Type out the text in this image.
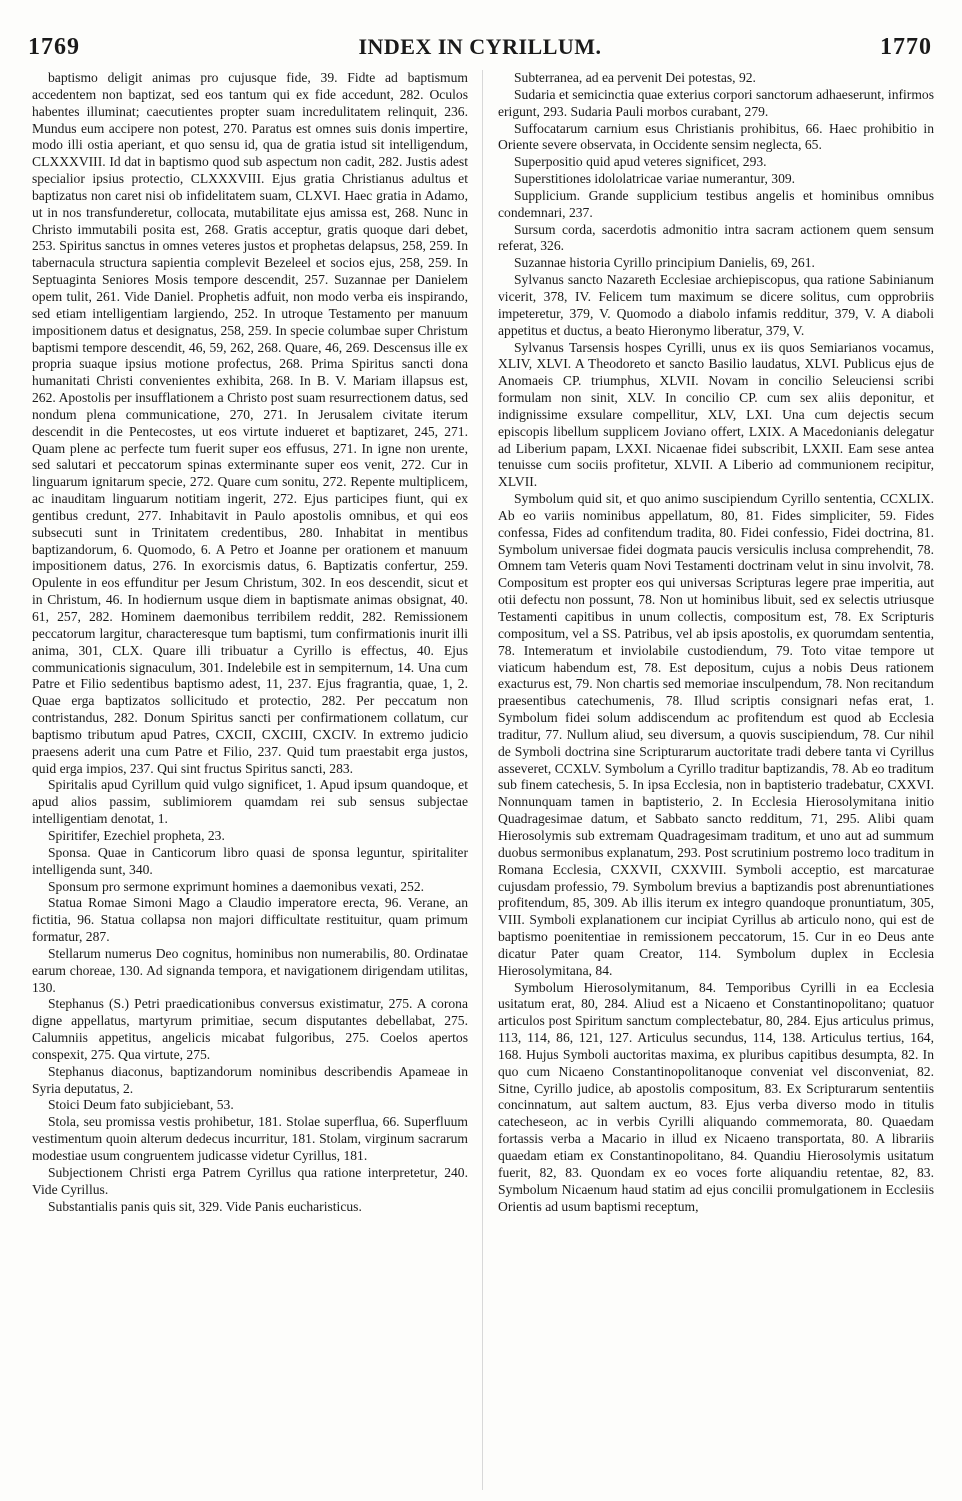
1769	INDEX IN CYRILLUM.	1770

baptismo deligit animas pro cujusque fide, 39. Fidte ad baptismum accedentem non baptizat, sed eos tantum qui ex fide accedunt, 282. Oculos habentes illuminat; caecutientes propter suam incredulitatem relinquit, 236. Mundus eum accipere non potest, 270. Paratus est omnes suis donis impertire, modo illi ostia aperiant, et quo sensu id, qua de gratia istud sit intelligendum, CLXXXVIII. Id dat in baptismo quod sub aspectum non cadit, 282. Justis adest specialior ipsius protectio, CLXXXVIII. Ejus gratia Christianus adultus et baptizatus non caret nisi ob infidelitatem suam, CLXVI. Haec gratia in Adamo, ut in nos transfunderetur, collocata, mutabilitate ejus amissa est, 268. Nunc in Christo immutabili posita est, 268. Gratis acceptur, gratis quoque dari debet, 253. Spiritus sanctus in omnes veteres justos et prophetas delapsus, 258, 259. In tabernacula structura sapientia complevit Bezeleel et socios ejus, 258, 259. In Septuaginta Seniores Mosis tempore descendit, 257. Suzannae per Danielem opem tulit, 261. Vide Daniel. Prophetis adfuit, non modo verba eis inspirando, sed etiam intelligentiam largiendo, 252. In utroque Testamento per manuum impositionem datus et designatus, 258, 259. In specie columbae super Christum baptismi tempore descendit, 46, 59, 262, 268. Quare, 46, 269. Descensus ille ex propria suaque ipsius motione profectus, 268. Prima Spiritus sancti dona humanitati Christi convenientes exhibita, 268. In B. V. Mariam illapsus est, 262. Apostolis per insufflationem a Christo post suam resurrectionem datus, sed nondum plena communicatione, 270, 271. In Jerusalem civitate iterum descendit in die Pentecostes, ut eos virtute indueret et baptizaret, 245, 271. Quam plene ac perfecte tum fuerit super eos effusus, 271. In igne non urente, sed salutari et peccatorum spinas exterminante super eos venit, 272. Cur in linguarum ignitarum specie, 272. Quare cum sonitu, 272. Repente multiplicem, ac inauditam linguarum notitiam ingerit, 272. Ejus participes fiunt, qui ex gentibus credunt, 277. Inhabitavit in Paulo apostolis omnibus, et qui eos subsecuti sunt in Trinitatem credentibus, 280. Inhabitat in mentibus baptizandorum, 6. Quomodo, 6. A Petro et Joanne per orationem et manuum impositionem datus, 276. In exorcismis datus, 6. Baptizatis confertur, 259. Opulente in eos effunditur per Jesum Christum, 302. In eos descendit, sicut et in Christum, 46. In hodiernum usque diem in baptismate animas obsignat, 40. 61, 257, 282. Hominem daemonibus terribilem reddit, 282. Remissionem peccatorum largitur, characteresque tum baptismi, tum confirmationis inurit illi anima, 301, CLX. Quare illi tribuatur a Cyrillo is effectus, 40. Ejus communicationis signaculum, 301. Indelebile est in sempiternum, 14. Una cum Patre et Filio sedentibus baptismo adest, 11, 237. Ejus fragrantia, quae, 1, 2. Quae erga baptizatos sollicitudo et protectio, 282. Per peccatum non contristandus, 282. Donum Spiritus sancti per confirmationem collatum, cur baptismo tributum apud Patres, CXCII, CXCIII, CXCIV. In extremo judicio praesens aderit una cum Patre et Filio, 237. Quid tum praestabit erga justos, quid erga impios, 237. Qui sint fructus Spiritus sancti, 283.

Spiritalis apud Cyrillum quid vulgo significet, 1. Apud ipsum quandoque, et apud alios passim, sublimiorem quamdam rei sub sensus subjectae intelligentiam denotat, 1.

Spiritifer, Ezechiel propheta, 23.

Sponsa. Quae in Canticorum libro quasi de sponsa leguntur, spiritaliter intelligenda sunt, 340.

Sponsum pro sermone exprimunt homines a daemonibus vexati, 252.

Statua Romae Simoni Mago a Claudio imperatore erecta, 96. Verane, an fictitia, 96. Statua collapsa non majori difficultate restituitur, quam primum formatur, 287.

Stellarum numerus Deo cognitus, hominibus non numerabilis, 80. Ordinatae earum choreae, 130. Ad signanda tempora, et navigationem dirigendam utilitas, 130.

Stephanus (S.) Petri praedicationibus conversus existimatur, 275. A corona digne appellatus, martyrum primitiae, secum disputantes debellabat, 275. Calumniis appetitus, angelicis micabat fulgoribus, 275. Coelos apertos conspexit, 275. Qua virtute, 275.

Stephanus diaconus, baptizandorum nominibus describendis Apameae in Syria deputatus, 2.

Stoici Deum fato subjiciebant, 53.

Stola, seu promissa vestis prohibetur, 181. Stolae superflua, 66. Superfluum vestimentum quoin alterum dedecus incurritur, 181. Stolam, virginum sacrarum modestiae usum congruentem judicasse videtur Cyrillus, 181.

Subjectionem Christi erga Patrem Cyrillus qua ratione interpretetur, 240. Vide Cyrillus.

Substantialis panis quis sit, 329. Vide Panis eucharisticus.

Subterranea, ad ea pervenit Dei potestas, 92.

Sudaria et semicinctia quae exterius corpori sanctorum adhaeserunt, infirmos erigunt, 293. Sudaria Pauli morbos curabant, 279.

Suffocatarum carnium esus Christianis prohibitus, 66. Haec prohibitio in Oriente severe observata, in Occidente sensim neglecta, 65.

Superpositio quid apud veteres significet, 293.

Superstitiones idololatricae variae numerantur, 309.

Supplicium. Grande supplicium testibus angelis et hominibus omnibus condemnari, 237.

Sursum corda, sacerdotis admonitio intra sacram actionem quem sensum referat, 326.

Suzannae historia Cyrillo principium Danielis, 69, 261.

Sylvanus sancto Nazareth Ecclesiae archiepiscopus, qua ratione Sabinianum vicerit, 378, IV. Felicem tum maximum se dicere solitus, cum opprobriis impeteretur, 379, V. Quomodo a diabolo infamis redditur, 379, V. A diaboli appetitus et ductus, a beato Hieronymo liberatur, 379, V.

Sylvanus Tarsensis hospes Cyrilli, unus ex iis quos Semiarianos vocamus, XLIV, XLVI. A Theodoreto et sancto Basilio laudatus, XLVI. Publicus ejus de Anomaeis CP. triumphus, XLVII. Novam in concilio Seleuciensi scribi formulam non sinit, XLV. In concilio CP. cum sex aliis deponitur, et indignissime exsulare compellitur, XLV, LXI. Una cum dejectis secum episcopis libellum supplicem Joviano offert, LXIX. A Macedonianis delegatur ad Liberium papam, LXXI. Nicaenae fidei subscribit, LXXII. Eam sese antea tenuisse cum sociis profitetur, XLVII. A Liberio ad communionem recipitur, XLVII.

Symbolum quid sit, et quo animo suscipiendum Cyrillo sententia, CCXLIX. Ab eo variis nominibus appellatum, 80, 81. Fides simpliciter, 59. Fides confessa, Fides ad confitendum tradita, 80. Fidei confessio, Fidei doctrina, 81. Symbolum universae fidei dogmata paucis versiculis inclusa comprehendit, 78. Omnem tam Veteris quam Novi Testamenti doctrinam velut in sinu involvit, 78. Compositum est propter eos qui universas Scripturas legere prae imperitia, aut otii defectu non possunt, 78. Non ut hominibus libuit, sed ex selectis utriusque Testamenti capitibus in unum collectis, compositum est, 78. Ex Scripturis compositum, vel a SS. Patribus, vel ab ipsis apostolis, ex quorumdam sententia, 78. Intemeratum et inviolabile custodiendum, 79. Toto vitae tempore ut viaticum habendum est, 78. Est depositum, cujus a nobis Deus rationem exacturus est, 79. Non chartis sed memoriae insculpendum, 78. Non recitandum praesentibus catechumenis, 78. Illud scriptis consignari nefas erat, 1. Symbolum fidei solum addiscendum ac profitendum est quod ab Ecclesia traditur, 77. Nullum aliud, seu diversum, a quovis suscipiendum, 78. Cur nihil de Symboli doctrina sine Scripturarum auctoritate tradi debere tanta vi Cyrillus asseveret, CCXLV. Symbolum a Cyrillo traditur baptizandis, 78. Ab eo traditum sub finem catechesis, 5. In ipsa Ecclesia, non in baptisterio tradebatur, CXXVI. Nonnunquam tamen in baptisterio, 2. In Ecclesia Hierosolymitana initio Quadragesimae datum, et Sabbato sancto redditum, 71, 295. Alibi quam Hierosolymis sub extremam Quadragesimam traditum, et uno aut ad summum duobus sermonibus explanatum, 293. Post scrutinium postremo loco traditum in Romana Ecclesia, CXXVII, CXXVIII. Symboli acceptio, est marcaturae cujusdam professio, 79. Symbolum brevius a baptizandis post abrenuntiationes profitendum, 85, 309. Ab illis iterum ex integro quandoque pronuntiatum, 305, VIII. Symboli explanationem cur incipiat Cyrillus ab articulo nono, qui est de baptismo poenitentiae in remissionem peccatorum, 15. Cur in eo Deus ante dicatur Pater quam Creator, 114. Symbolum duplex in Ecclesia Hierosolymitana, 84.

Symbolum Hierosolymitanum, 84. Temporibus Cyrilli in ea Ecclesia usitatum erat, 80, 284. Aliud est a Nicaeno et Constantinopolitano; quatuor articulos post Spiritum sanctum complectebatur, 80, 284. Ejus articulus primus, 113, 114, 86, 121, 127. Articulus secundus, 114, 138. Articulus tertius, 164, 168. Hujus Symboli auctoritas maxima, ex pluribus capitibus desumpta, 82. In quo cum Nicaeno Constantinopolitanoque conveniat vel disconveniat, 82. Sitne, Cyrillo judice, ab apostolis compositum, 83. Ex Scripturarum sententiis concinnatum, aut saltem auctum, 83. Ejus verba diverso modo in titulis catecheseon, ac in verbis Cyrilli aliquando commemorata, 80. Quaedam fortassis verba a Macario in illud ex Nicaeno transportata, 80. A librariis quaedam etiam ex Constantinopolitano, 84. Quandiu Hierosolymis usitatum fuerit, 82, 83. Quondam ex eo voces forte aliquandiu retentae, 82, 83. Symbolum Nicaenum haud statim ad ejus concilii promulgationem in Ecclesiis Orientis ad usum baptismi receptum,
